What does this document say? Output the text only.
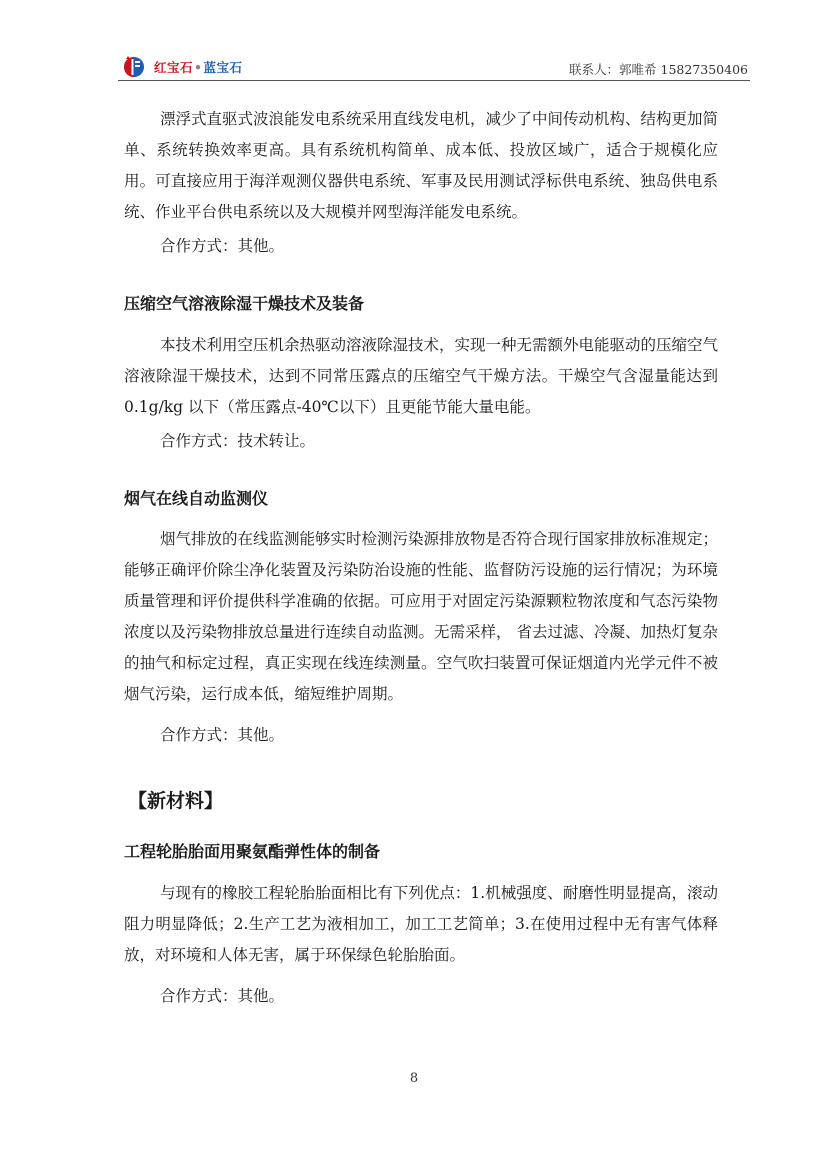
红宝石•蓝宝石	联系人：郭唯希 15827350406

漂浮式直驱式波浪能发电系统采用直线发电机，减少了中间传动机构、结构更加简单、系统转换效率更高。具有系统机构简单、成本低、投放区域广，适合于规模化应用。可直接应用于海洋观测仪器供电系统、军事及民用测试浮标供电系统、独岛供电系统、作业平台供电系统以及大规模并网型海洋能发电系统。

合作方式：其他。
压缩空气溶液除湿干燥技术及装备

本技术利用空压机余热驱动溶液除湿技术，实现一种无需额外电能驱动的压缩空气溶液除湿干燥技术，达到不同常压露点的压缩空气干燥方法。干燥空气含湿量能达到 0.1g/kg 以下（常压露点-40℃以下）且更能节能大量电能。

合作方式：技术转让。
烟气在线自动监测仪

烟气排放的在线监测能够实时检测污染源排放物是否符合现行国家排放标准规定；能够正确评价除尘净化装置及污染防治设施的性能、监督防污设施的运行情况；为环境质量管理和评价提供科学准确的依据。可应用于对固定污染源颗粒物浓度和气态污染物浓度以及污染物排放总量进行连续自动监测。无需采样， 省去过滤、冷凝、加热灯复杂的抽气和标定过程，真正实现在线连续测量。空气吹扫装置可保证烟道内光学元件不被烟气污染，运行成本低，缩短维护周期。

合作方式：其他。
【新材料】
工程轮胎胎面用聚氨酯弹性体的制备

与现有的橡胶工程轮胎胎面相比有下列优点：1.机械强度、耐磨性明显提高，滚动阻力明显降低；2.生产工艺为液相加工，加工工艺简单；3.在使用过程中无有害气体释放，对环境和人体无害，属于环保绿色轮胎胎面。

合作方式：其他。
8
